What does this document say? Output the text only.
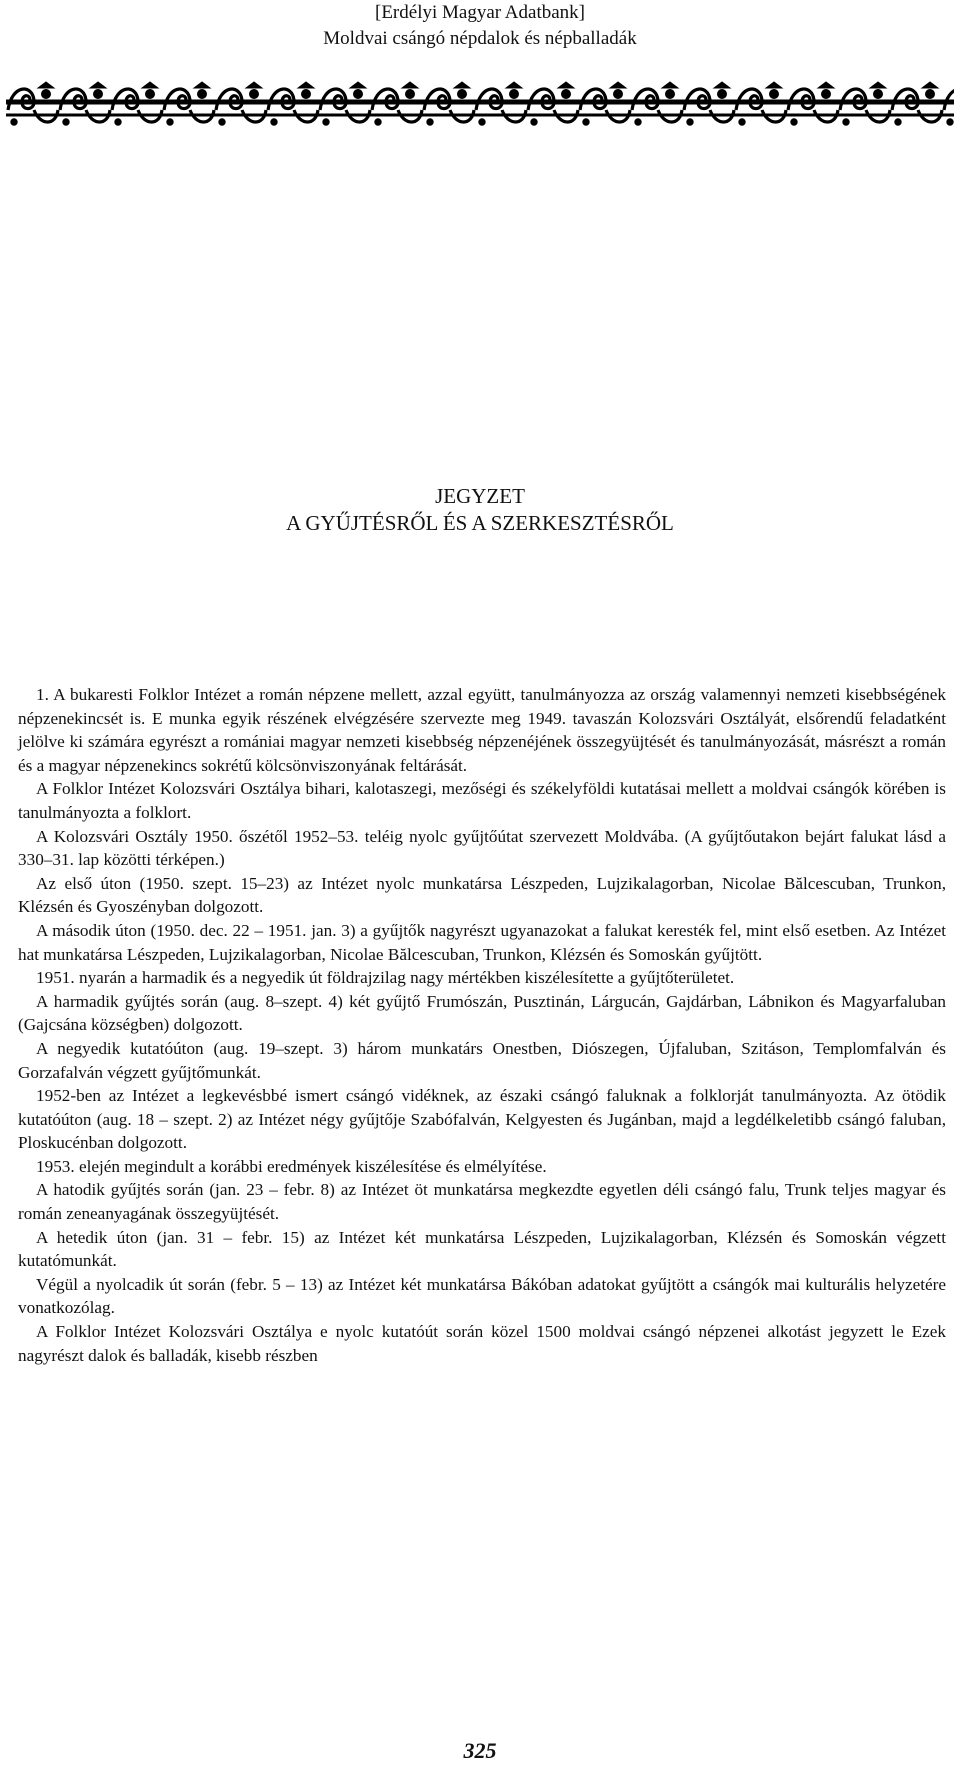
[Erdélyi Magyar Adatbank]
Moldvai csángó népdalok és népballadák
JEGYZET
A GYŰJTÉSRŐL ÉS A SZERKESZTÉSRŐL

1. A bukaresti Folklor Intézet a román népzene mellett, azzal együtt, tanulmányozza az ország valamennyi nemzeti kisebbségének népzenekincsét is. E munka egyik részének elvégzésére szervezte meg 1949. tavaszán Kolozsvári Osztályát, elsőrendű feladatként jelölve ki számára egyrészt a romániai magyar nemzeti kisebbség népzenéjének összegyüjtését és tanulmányozását, másrészt a román és a magyar népzenekincs sokrétű kölcsönviszonyának feltárását.

A Folklor Intézet Kolozsvári Osztálya bihari, kalotaszegi, mezőségi és székelyföldi kutatásai mellett a moldvai csángók körében is tanulmányozta a folklort.

A Kolozsvári Osztály 1950. őszétől 1952–53. teléig nyolc gyűjtőútat szervezett Moldvába. (A gyűjtőutakon bejárt falukat lásd a 330–31. lap közötti térképen.)

Az első úton (1950. szept. 15–23) az Intézet nyolc munkatársa Lészpeden, Lujzikalagorban, Nicolae Bălcescuban, Trunkon, Klézsén és Gyoszényban dolgozott.

A második úton (1950. dec. 22 – 1951. jan. 3) a gyűjtők nagyrészt ugyanazokat a falukat keresték fel, mint első esetben. Az Intézet hat munkatársa Lészpeden, Lujzikalagorban, Nicolae Bălcescuban, Trunkon, Klézsén és Somoskán gyűjtött.

1951. nyarán a harmadik és a negyedik út földrajzilag nagy mértékben kiszélesítette a gyűjtőterületet.

A harmadik gyűjtés során (aug. 8–szept. 4) két gyűjtő Frumószán, Pusztinán, Lárgucán, Gajdárban, Lábnikon és Magyarfaluban (Gajcsána községben) dolgozott.

A negyedik kutatóúton (aug. 19–szept. 3) három munkatárs Onestben, Diószegen, Újfaluban, Szitáson, Templomfalván és Gorzafalván végzett gyűjtőmunkát.

1952-ben az Intézet a legkevésbbé ismert csángó vidéknek, az északi csángó faluknak a folklorját tanulmányozta. Az ötödik kutatóúton (aug. 18 – szept. 2) az Intézet négy gyűjtője Szabófalván, Kelgyesten és Jugánban, majd a legdélkeletibb csángó faluban, Ploskucénban dolgozott.

1953. elején megindult a korábbi eredmények kiszélesítése és elmélyítése.

A hatodik gyűjtés során (jan. 23 – febr. 8) az Intézet öt munkatársa megkezdte egyetlen déli csángó falu, Trunk teljes magyar és román zeneanyagának összegyüjtését.

A hetedik úton (jan. 31 – febr. 15) az Intézet két munkatársa Lészpeden, Lujzikalagorban, Klézsén és Somoskán végzett kutatómunkát.

Végül a nyolcadik út során (febr. 5 – 13) az Intézet két munkatársa Bákóban adatokat gyűjtött a csángók mai kulturális helyzetére vonatkozólag.

A Folklor Intézet Kolozsvári Osztálya e nyolc kutatóút során közel 1500 moldvai csángó népzenei alkotást jegyzett le Ezek nagyrészt dalok és balladák, kisebb részben

325
